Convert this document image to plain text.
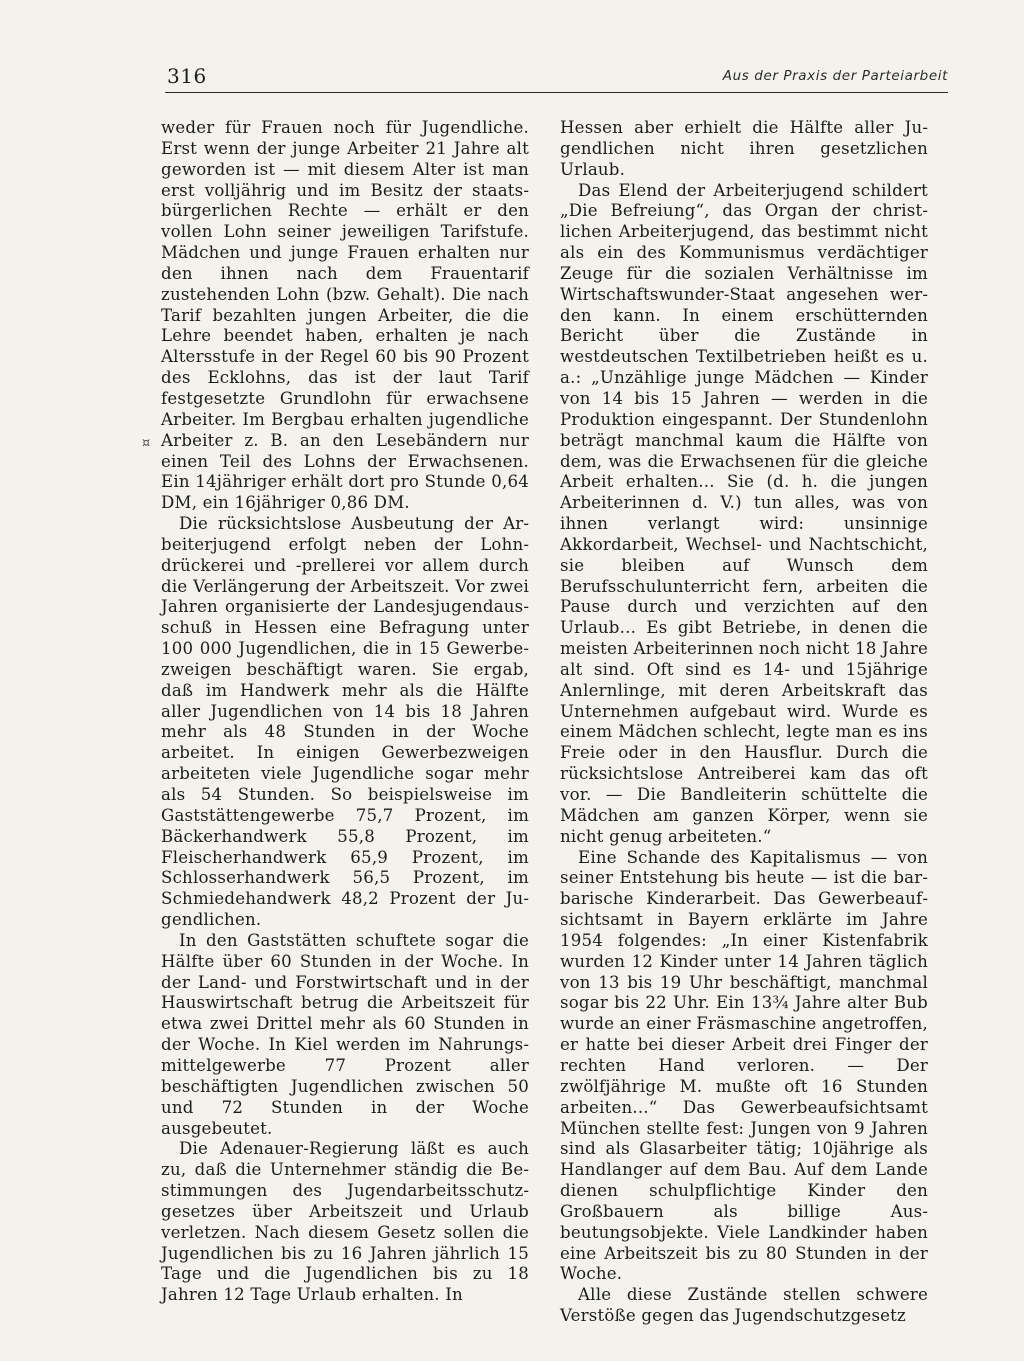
316	Aus der Praxis der Parteiarbeit
¤

weder für Frauen noch für Jugendliche. Erst wenn der junge Arbeiter 21 Jahre alt geworden ist — mit diesem Alter ist man erst volljährig und im Besitz der staatsbürgerlichen Rechte — erhält er den vollen Lohn seiner jeweiligen Tarifstufe. Mädchen und junge Frauen erhalten nur den ihnen nach dem Frauentarif zustehenden Lohn (bzw. Gehalt). Die nach Tarif bezahlten jungen Arbeiter, die die Lehre beendet haben, erhalten je nach Altersstufe in der Regel 60 bis 90 Prozent des Ecklohns, das ist der laut Tarif festgesetzte Grundlohn für erwachsene Arbeiter. Im Bergbau erhalten jugendliche Arbeiter z. B. an den Lesebändern nur einen Teil des Lohns der Erwachsenen. Ein 14jähriger erhält dort pro Stunde 0,64 DM, ein 16jähriger 0,86 DM.

Die rücksichtslose Ausbeutung der Arbeiterjugend erfolgt neben der Lohndrückerei und -prellerei vor allem durch die Verlängerung der Arbeitszeit. Vor zwei Jahren organisierte der Landesjugendausschuß in Hessen eine Befragung unter 100 000 Jugendlichen, die in 15 Gewerbezweigen beschäftigt waren. Sie ergab, daß im Handwerk mehr als die Hälfte aller Jugendlichen von 14 bis 18 Jahren mehr als 48 Stunden in der Woche arbeitet. In einigen Gewerbezweigen arbeiteten viele Jugendliche sogar mehr als 54 Stunden. So beispielsweise im Gaststättengewerbe 75,7 Prozent, im Bäckerhandwerk 55,8 Prozent, im Fleischerhandwerk 65,9 Prozent, im Schlosserhandwerk 56,5 Prozent, im Schmiedehandwerk 48,2 Prozent der Jugendlichen.

In den Gaststätten schuftete sogar die Hälfte über 60 Stunden in der Woche. In der Land- und Forstwirtschaft und in der Hauswirtschaft betrug die Arbeitszeit für etwa zwei Drittel mehr als 60 Stunden in der Woche. In Kiel werden im Nahrungsmittelgewerbe 77 Prozent aller beschäftigten Jugendlichen zwischen 50 und 72 Stunden in der Woche ausgebeutet.

Die Adenauer-Regierung läßt es auch zu, daß die Unternehmer ständig die Bestimmungen des Jugendarbeitsschutzgesetzes über Arbeitszeit und Urlaub verletzen. Nach diesem Gesetz sollen die Jugendlichen bis zu 16 Jahren jährlich 15 Tage und die Jugendlichen bis zu 18 Jahren 12 Tage Urlaub erhalten. In

Hessen aber erhielt die Hälfte aller Jugendlichen nicht ihren gesetzlichen Urlaub.

Das Elend der Arbeiterjugend schildert „Die Befreiung“, das Organ der christlichen Arbeiterjugend, das bestimmt nicht als ein des Kommunismus verdächtiger Zeuge für die sozialen Verhältnisse im Wirtschaftswunder-Staat angesehen werden kann. In einem erschütternden Bericht über die Zustände in westdeutschen Textilbetrieben heißt es u. a.: „Unzählige junge Mädchen — Kinder von 14 bis 15 Jahren — werden in die Produktion eingespannt. Der Stundenlohn beträgt manchmal kaum die Hälfte von dem, was die Erwachsenen für die gleiche Arbeit erhalten... Sie (d. h. die jungen Arbeiterinnen d. V.) tun alles, was von ihnen verlangt wird: unsinnige Akkordarbeit, Wechsel- und Nachtschicht, sie bleiben auf Wunsch dem Berufsschulunterricht fern, arbeiten die Pause durch und verzichten auf den Urlaub... Es gibt Betriebe, in denen die meisten Arbeiterinnen noch nicht 18 Jahre alt sind. Oft sind es 14- und 15jährige Anlernlinge, mit deren Arbeitskraft das Unternehmen aufgebaut wird. Wurde es einem Mädchen schlecht, legte man es ins Freie oder in den Hausflur. Durch die rücksichtslose Antreiberei kam das oft vor. — Die Bandleiterin schüttelte die Mädchen am ganzen Körper, wenn sie nicht genug arbeiteten.“

Eine Schande des Kapitalismus — von seiner Entstehung bis heute — ist die barbarische Kinderarbeit. Das Gewerbeaufsichtsamt in Bayern erklärte im Jahre 1954 folgendes: „In einer Kistenfabrik wurden 12 Kinder unter 14 Jahren täglich von 13 bis 19 Uhr beschäftigt, manchmal sogar bis 22 Uhr. Ein 13¾ Jahre alter Bub wurde an einer Fräsmaschine angetroffen, er hatte bei dieser Arbeit drei Finger der rechten Hand verloren. — Der zwölfjährige M. mußte oft 16 Stunden arbeiten...“ Das Gewerbeaufsichtsamt München stellte fest: Jungen von 9 Jahren sind als Glasarbeiter tätig; 10jährige als Handlanger auf dem Bau. Auf dem Lande dienen schulpflichtige Kinder den Großbauern als billige Ausbeutungsobjekte. Viele Landkinder haben eine Arbeitszeit bis zu 80 Stunden in der Woche.

Alle diese Zustände stellen schwere Verstöße gegen das Jugendschutzgesetz
